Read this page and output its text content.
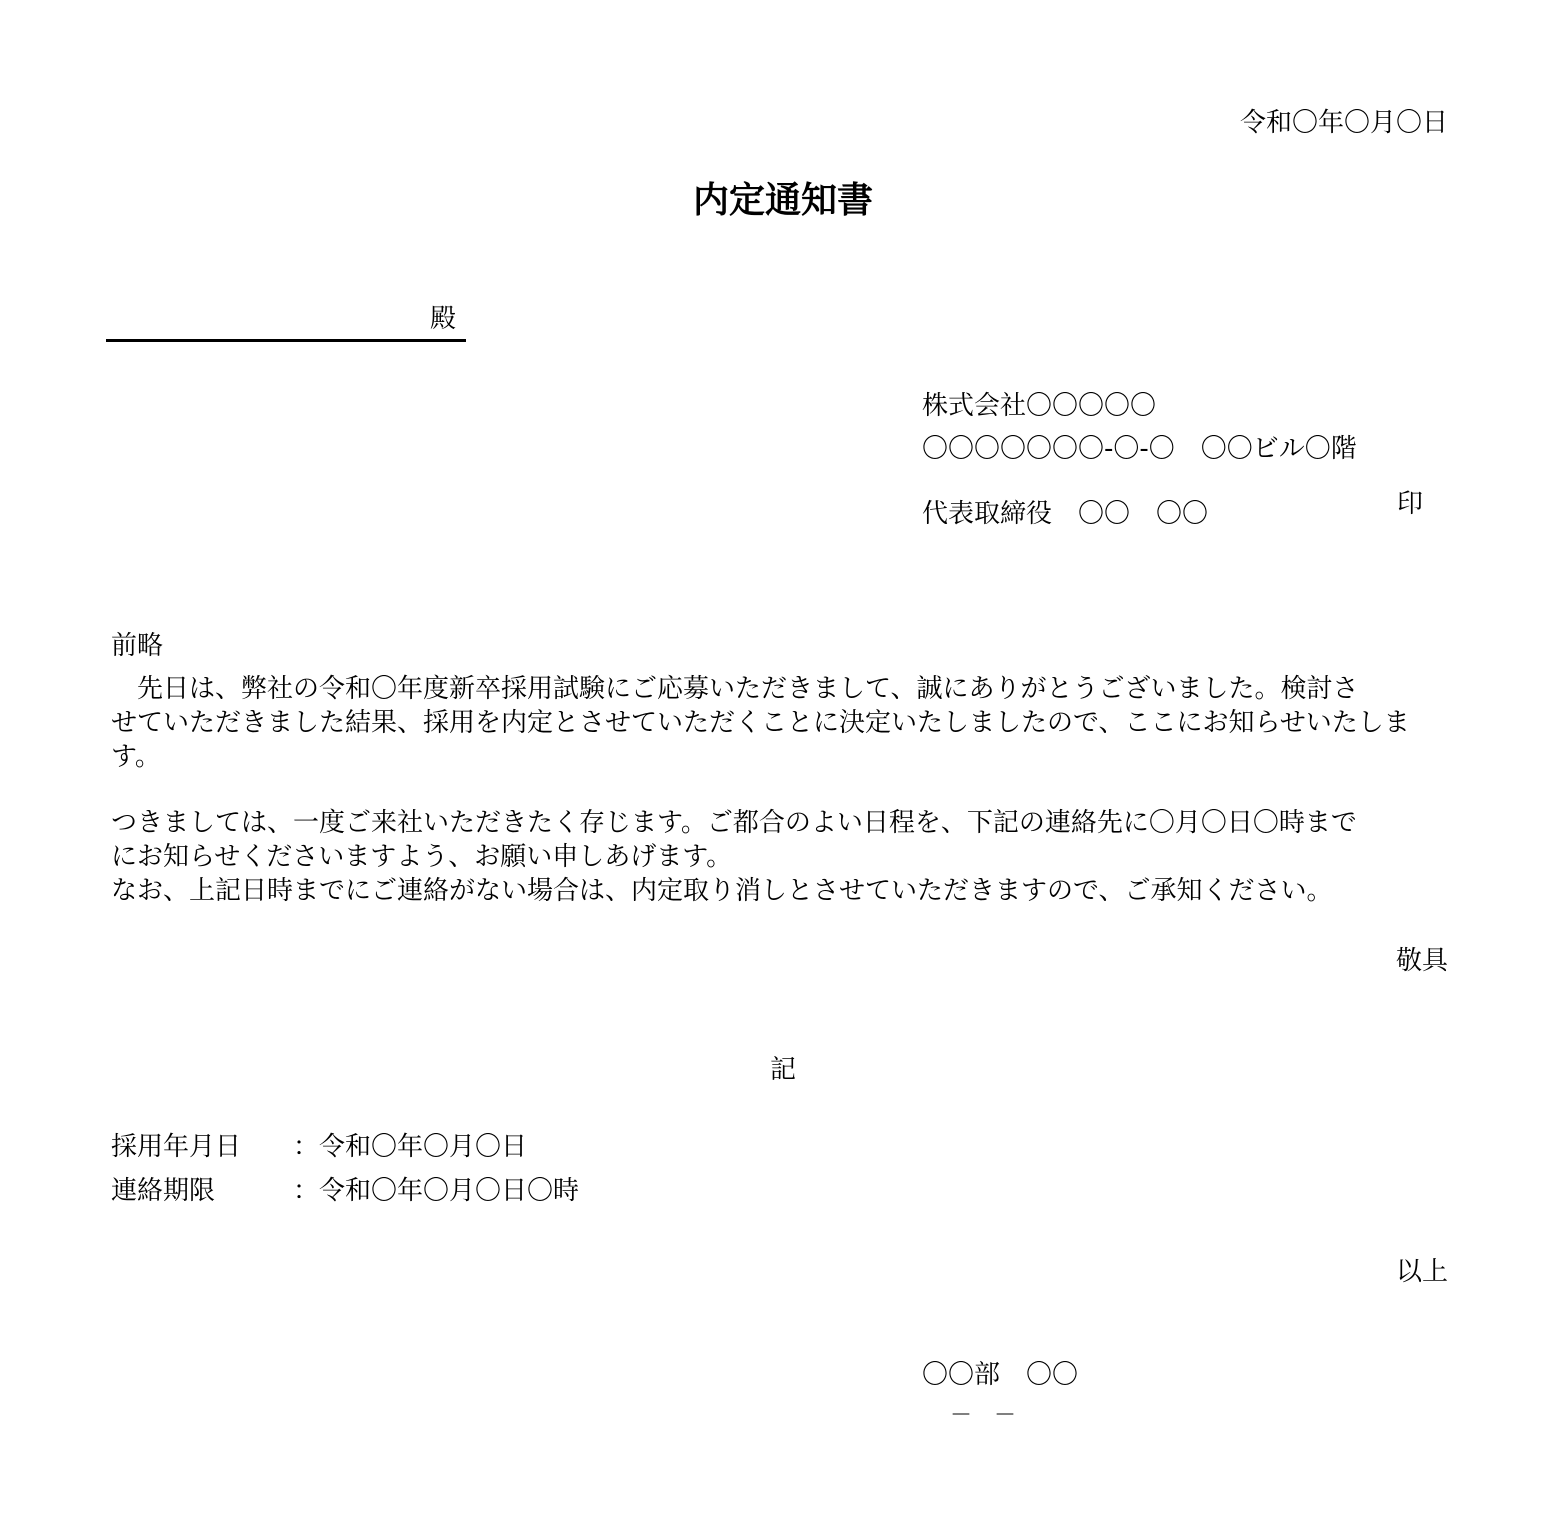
令和〇年〇月〇日
内定通知書
殿
株式会社〇〇〇〇〇
〇〇〇〇〇〇〇-〇-〇　〇〇ビル〇階
代表取締役　〇〇　〇〇	印
前略
　先日は、弊社の令和〇年度新卒採用試験にご応募いただきまして、誠にありがとうございました。検討さ
せていただきました結果、採用を内定とさせていただくことに決定いたしましたので、ここにお知らせいたしま
す。
つきましては、一度ご来社いただきたく存じます。ご都合のよい日程を、下記の連絡先に〇月〇日〇時まで
にお知らせくださいますよう、お願い申しあげます。
なお、上記日時までにご連絡がない場合は、内定取り消しとさせていただきますので、ご承知ください。
敬具
記
採用年月日 ：令和〇年〇月〇日
連絡期限	：令和〇年〇月〇日〇時
以上
〇〇部　〇〇
－　－
